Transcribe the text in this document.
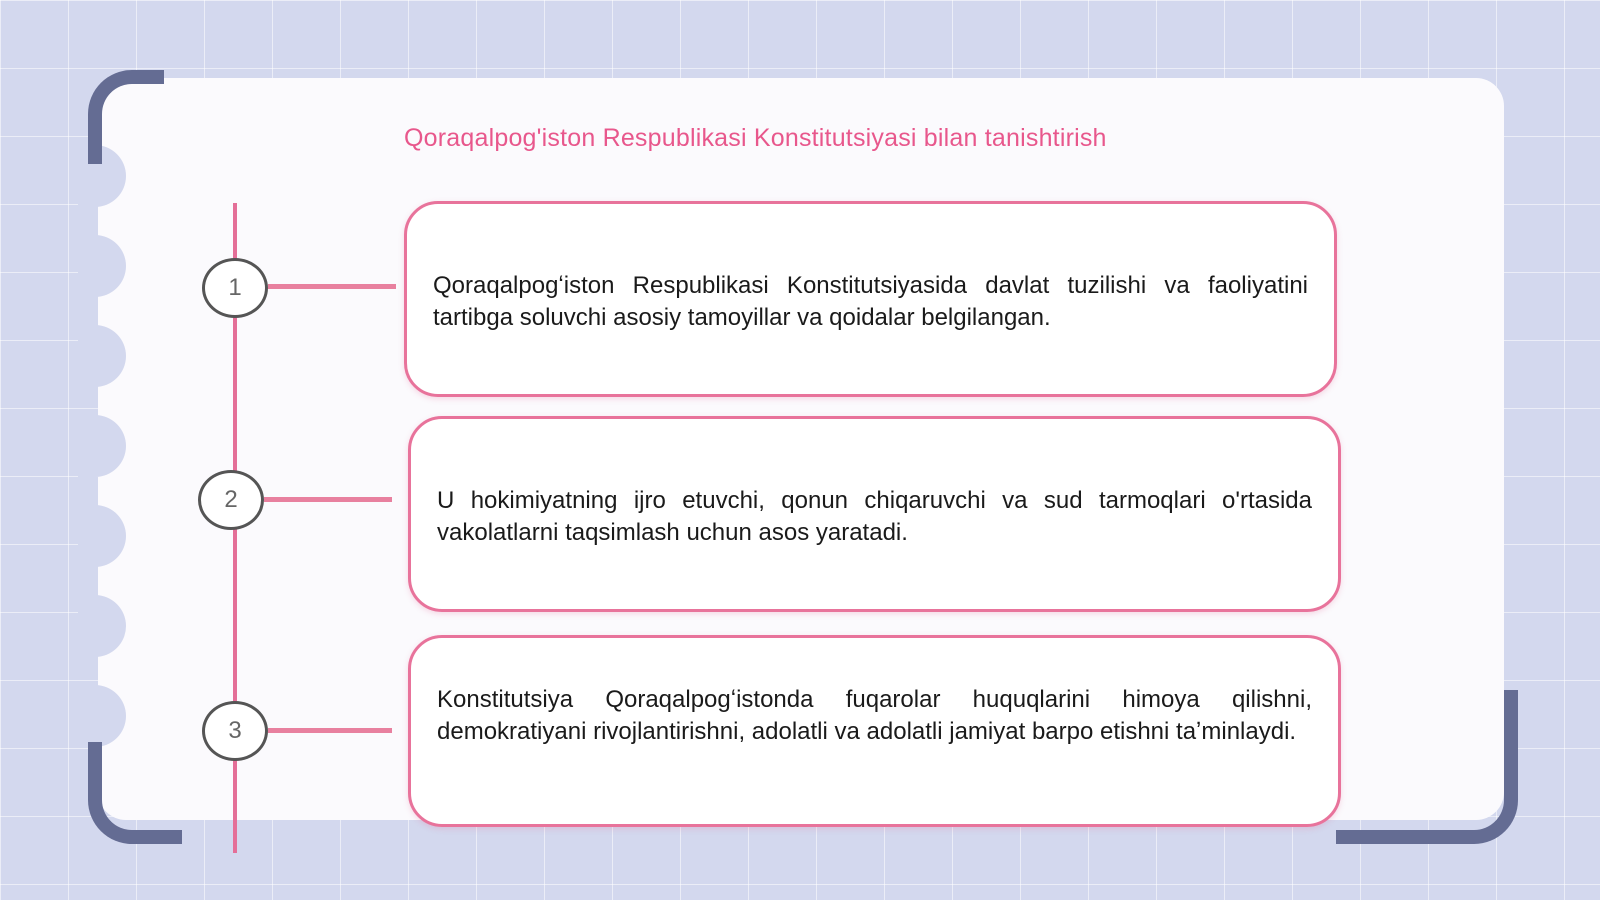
Qoraqalpog'iston Respublikasi Konstitutsiyasi bilan tanishtirish
1	Qoraqalpogʻiston Respublikasi Konstitutsiyasida davlat tuzilishi va faoliyatini tartibga soluvchi asosiy tamoyillar va qoidalar belgilangan.
2	U hokimiyatning ijro etuvchi, qonun chiqaruvchi va sud tarmoqlari o'rtasida vakolatlarni taqsimlash uchun asos yaratadi.
3
Konstitutsiya Qoraqalpogʻistonda fuqarolar huquqlarini himoya qilishni, demokratiyani rivojlantirishni, adolatli va adolatli jamiyat barpo etishni taʼminlaydi.
